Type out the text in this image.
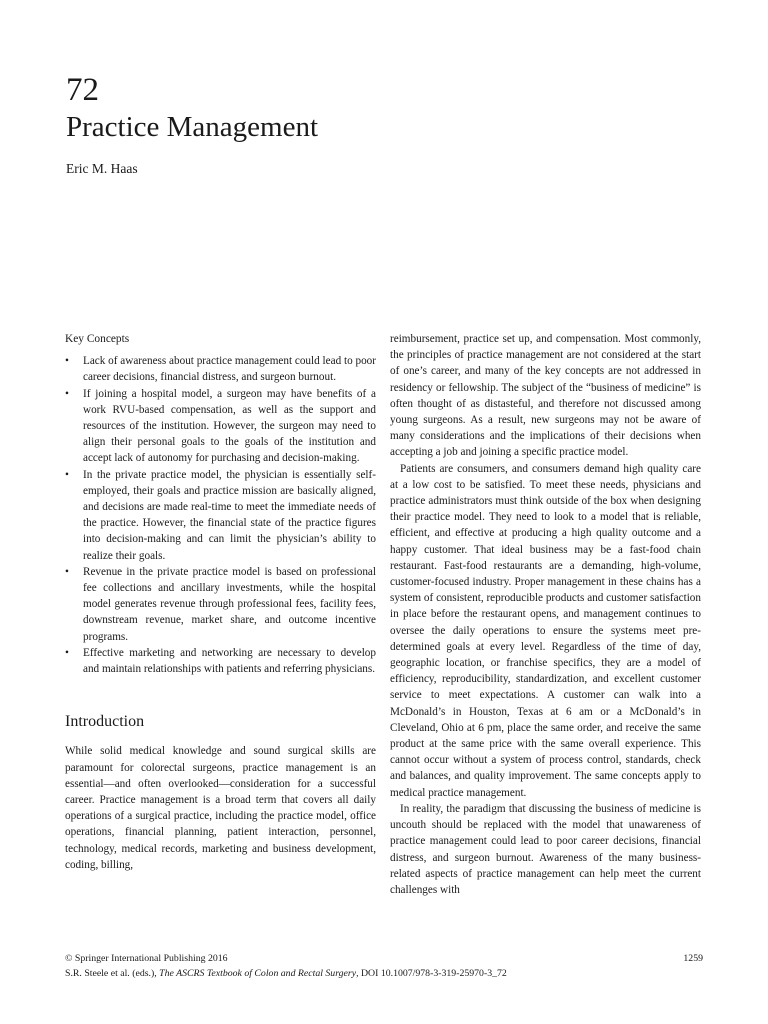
72
Practice Management
Eric M. Haas
Key Concepts
• Lack of awareness about practice management could lead to poor career decisions, financial distress, and surgeon burnout.
• If joining a hospital model, a surgeon may have benefits of a work RVU-based compensation, as well as the support and resources of the institution. However, the surgeon may need to align their personal goals to the goals of the institution and accept lack of autonomy for purchasing and decision-making.
• In the private practice model, the physician is essentially self-employed, their goals and practice mission are basically aligned, and decisions are made real-time to meet the immediate needs of the practice. However, the financial state of the practice figures into decision-making and can limit the physician’s ability to realize their goals.
• Revenue in the private practice model is based on professional fee collections and ancillary investments, while the hospital model generates revenue through professional fees, facility fees, downstream revenue, market share, and outcome incentive programs.
• Effective marketing and networking are necessary to develop and maintain relationships with patients and referring physicians.
Introduction

While solid medical knowledge and sound surgical skills are paramount for colorectal surgeons, practice management is an essential—and often overlooked—consideration for a successful career. Practice management is a broad term that covers all daily operations of a surgical practice, including the practice model, office operations, financial planning, patient interaction, personnel, technology, medical records, marketing and business development, coding, billing,

reimbursement, practice set up, and compensation. Most commonly, the principles of practice management are not considered at the start of one’s career, and many of the key concepts are not addressed in residency or fellowship. The subject of the “business of medicine” is often thought of as distasteful, and therefore not discussed among young surgeons. As a result, new surgeons may not be aware of many considerations and the implications of their decisions when accepting a job and joining a specific practice model.

Patients are consumers, and consumers demand high quality care at a low cost to be satisfied. To meet these needs, physicians and practice administrators must think outside of the box when designing their practice model. They need to look to a model that is reliable, efficient, and effective at producing a high quality outcome and a happy customer. That ideal business may be a fast-food chain restaurant. Fast-food restaurants are a demanding, high-volume, customer-focused industry. Proper management in these chains has a system of consistent, reproducible products and customer satisfaction in place before the restaurant opens, and management continues to oversee the daily operations to ensure the systems meet pre-determined goals at every level. Regardless of the time of day, geographic location, or franchise specifics, they are a model of efficiency, reproducibility, standardization, and excellent customer service to meet expectations. A customer can walk into a McDonald’s in Houston, Texas at 6 am or a McDonald’s in Cleveland, Ohio at 6 pm, place the same order, and receive the same product at the same price with the same overall experience. This cannot occur without a system of process control, standards, check and balances, and quality improvement. The same concepts apply to medical practice management.

In reality, the paradigm that discussing the business of medicine is uncouth should be replaced with the model that unawareness of practice management could lead to poor career decisions, financial distress, and surgeon burnout. Awareness of the many business-related aspects of practice management can help meet the current challenges with

© Springer International Publishing 2016	1259
S.R. Steele et al. (eds.), The ASCRS Textbook of Colon and Rectal Surgery, DOI 10.1007/978-3-319-25970-3_72
